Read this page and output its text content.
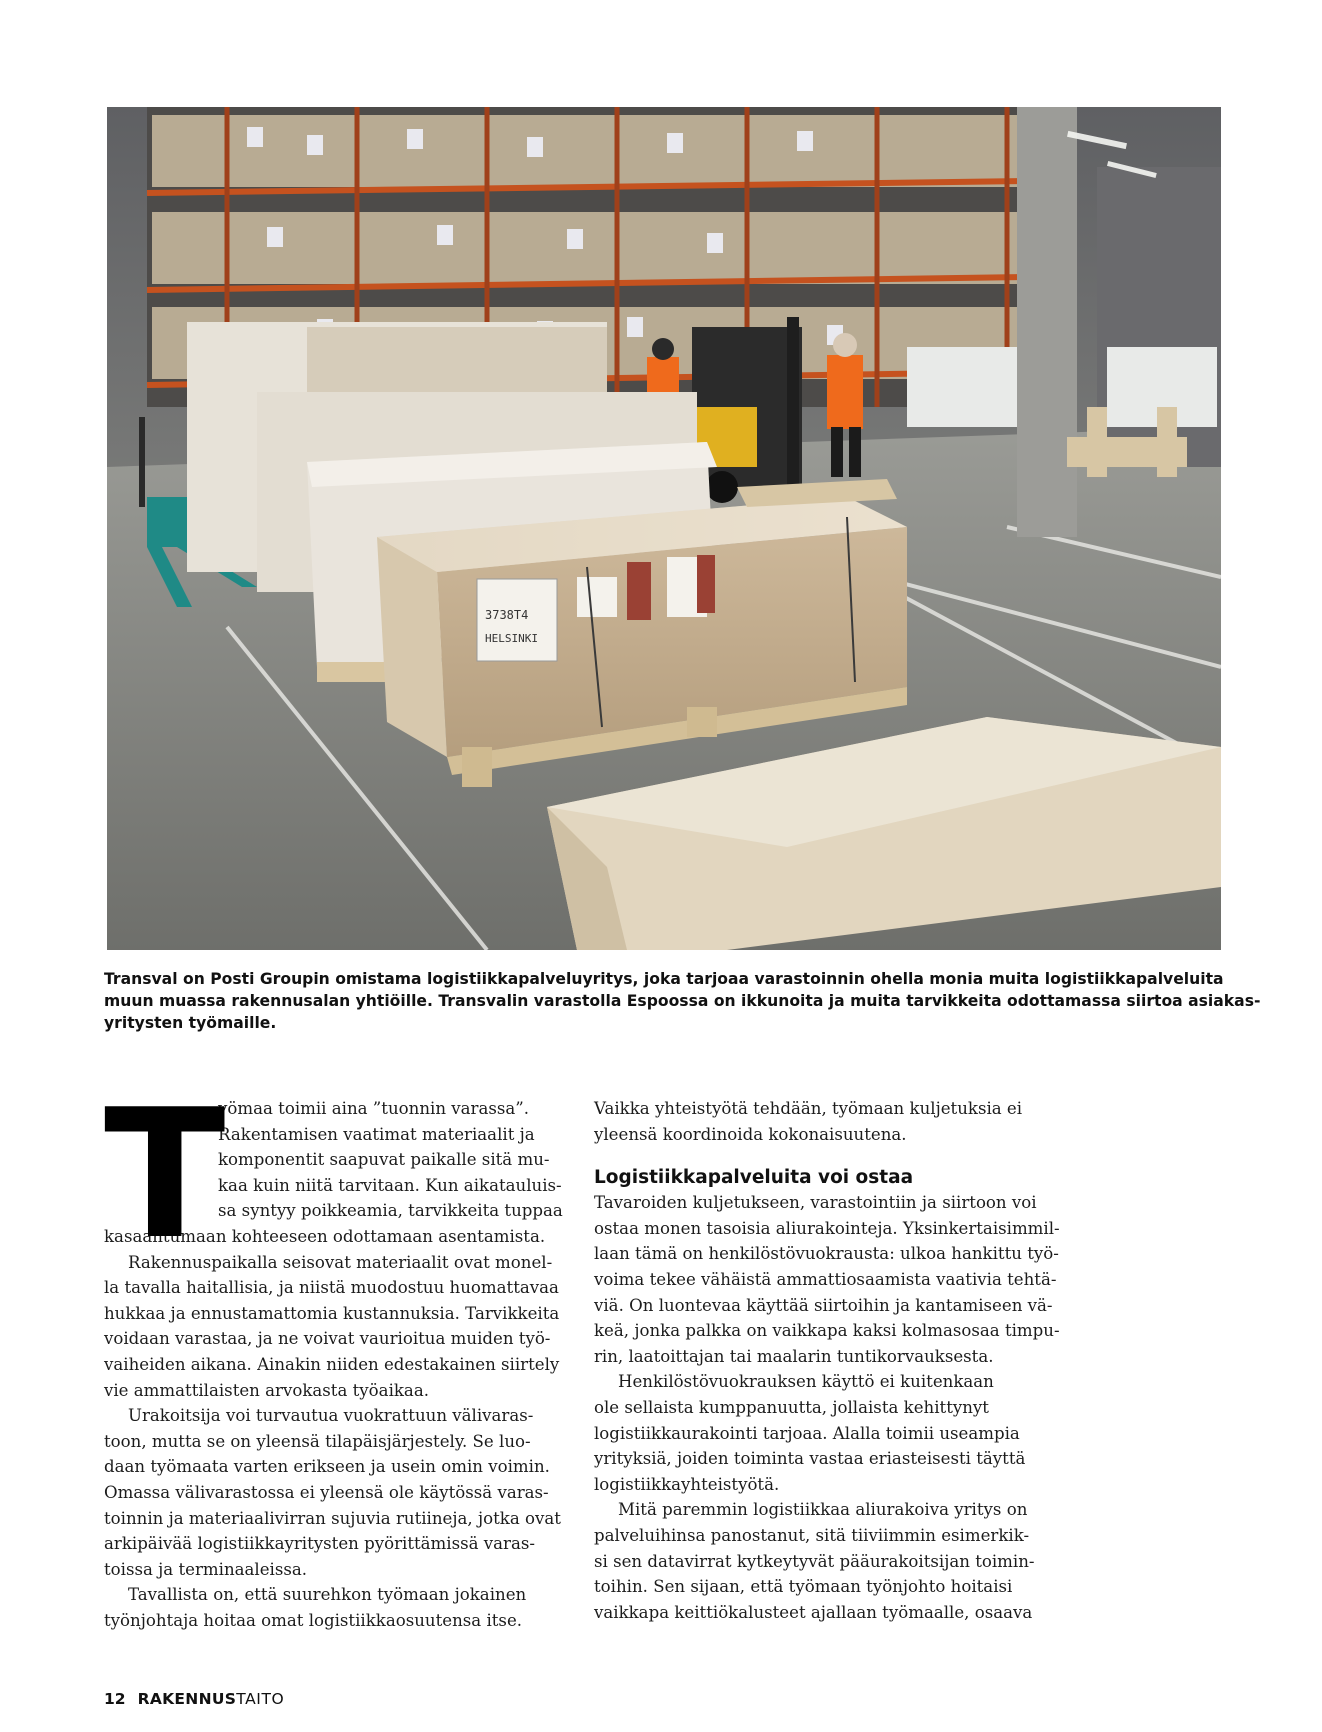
3738T4
HELSINKI
Transval on Posti Groupin omistama logistiikkapalveluyritys, joka tarjoaa varastoinnin ohella monia muita logistiikkapalveluita
muun muassa rakennusalan yhtiöille. Transvalin varastolla Espoossa on ikkunoita ja muita tarvikkeita odottamassa siirtoa asiakas-
yritysten työmaille.
T
yömaa toimii aina ”tuonnin varassa”.
Rakentamisen vaatimat materiaalit ja
komponentit saapuvat paikalle sitä mu-
kaa kuin niitä tarvitaan. Kun aikatauluis-
sa syntyy poikkeamia, tarvikkeita tuppaa
kasaantumaan kohteeseen odottamaan asentamista.

Rakennuspaikalla seisovat materiaalit ovat monel-
la tavalla haitallisia, ja niistä muodostuu huomattavaa
hukkaa ja ennustamattomia kustannuksia. Tarvikkeita
voidaan varastaa, ja ne voivat vaurioitua muiden työ-
vaiheiden aikana. Ainakin niiden edestakainen siirtely
vie ammattilaisten arvokasta työaikaa.

Urakoitsija voi turvautua vuokrattuun välivaras-
toon, mutta se on yleensä tilapäisjärjestely. Se luo-
daan työmaata varten erikseen ja usein omin voimin.
Omassa välivarastossa ei yleensä ole käytössä varas-
toinnin ja materiaalivirran sujuvia rutiineja, jotka ovat
arkipäivää logistiikkayritysten pyörittämissä varas-
toissa ja terminaaleissa.

Tavallista on, että suurehkon työmaan jokainen
työnjohtaja hoitaa omat logistiikkaosuutensa itse.

Vaikka yhteistyötä tehdään, työmaan kuljetuksia ei
yleensä koordinoida kokonaisuutena.

Logistiikkapalveluita voi ostaa

Tavaroiden kuljetukseen, varastointiin ja siirtoon voi
ostaa monen tasoisia aliurakointeja. Yksinkertaisimmil-
laan tämä on henkilöstövuokrausta: ulkoa hankittu työ-
voima tekee vähäistä ammattiosaamista vaativia tehtä-
viä. On luontevaa käyttää siirtoihin ja kantamiseen vä-
keä, jonka palkka on vaikkapa kaksi kolmasosaa timpu-
rin, laatoittajan tai maalarin tuntikorvauksesta.

Henkilöstövuokrauksen käyttö ei kuitenkaan
ole sellaista kumppanuutta, jollaista kehittynyt
logistiikkaurakointi tarjoaa. Alalla toimii useampia
yrityksiä, joiden toiminta vastaa eriasteisesti täyttä
logistiikkayhteistyötä.

Mitä paremmin logistiikkaa aliurakoiva yritys on
palveluihinsa panostanut, sitä tiiviimmin esimerkik-
si sen datavirrat kytkeytyvät pääurakoitsijan toimin-
toihin. Sen sijaan, että työmaan työnjohto hoitaisi
vaikkapa keittiökalusteet ajallaan työmaalle, osaava

12 RAKENNUSTAITO
